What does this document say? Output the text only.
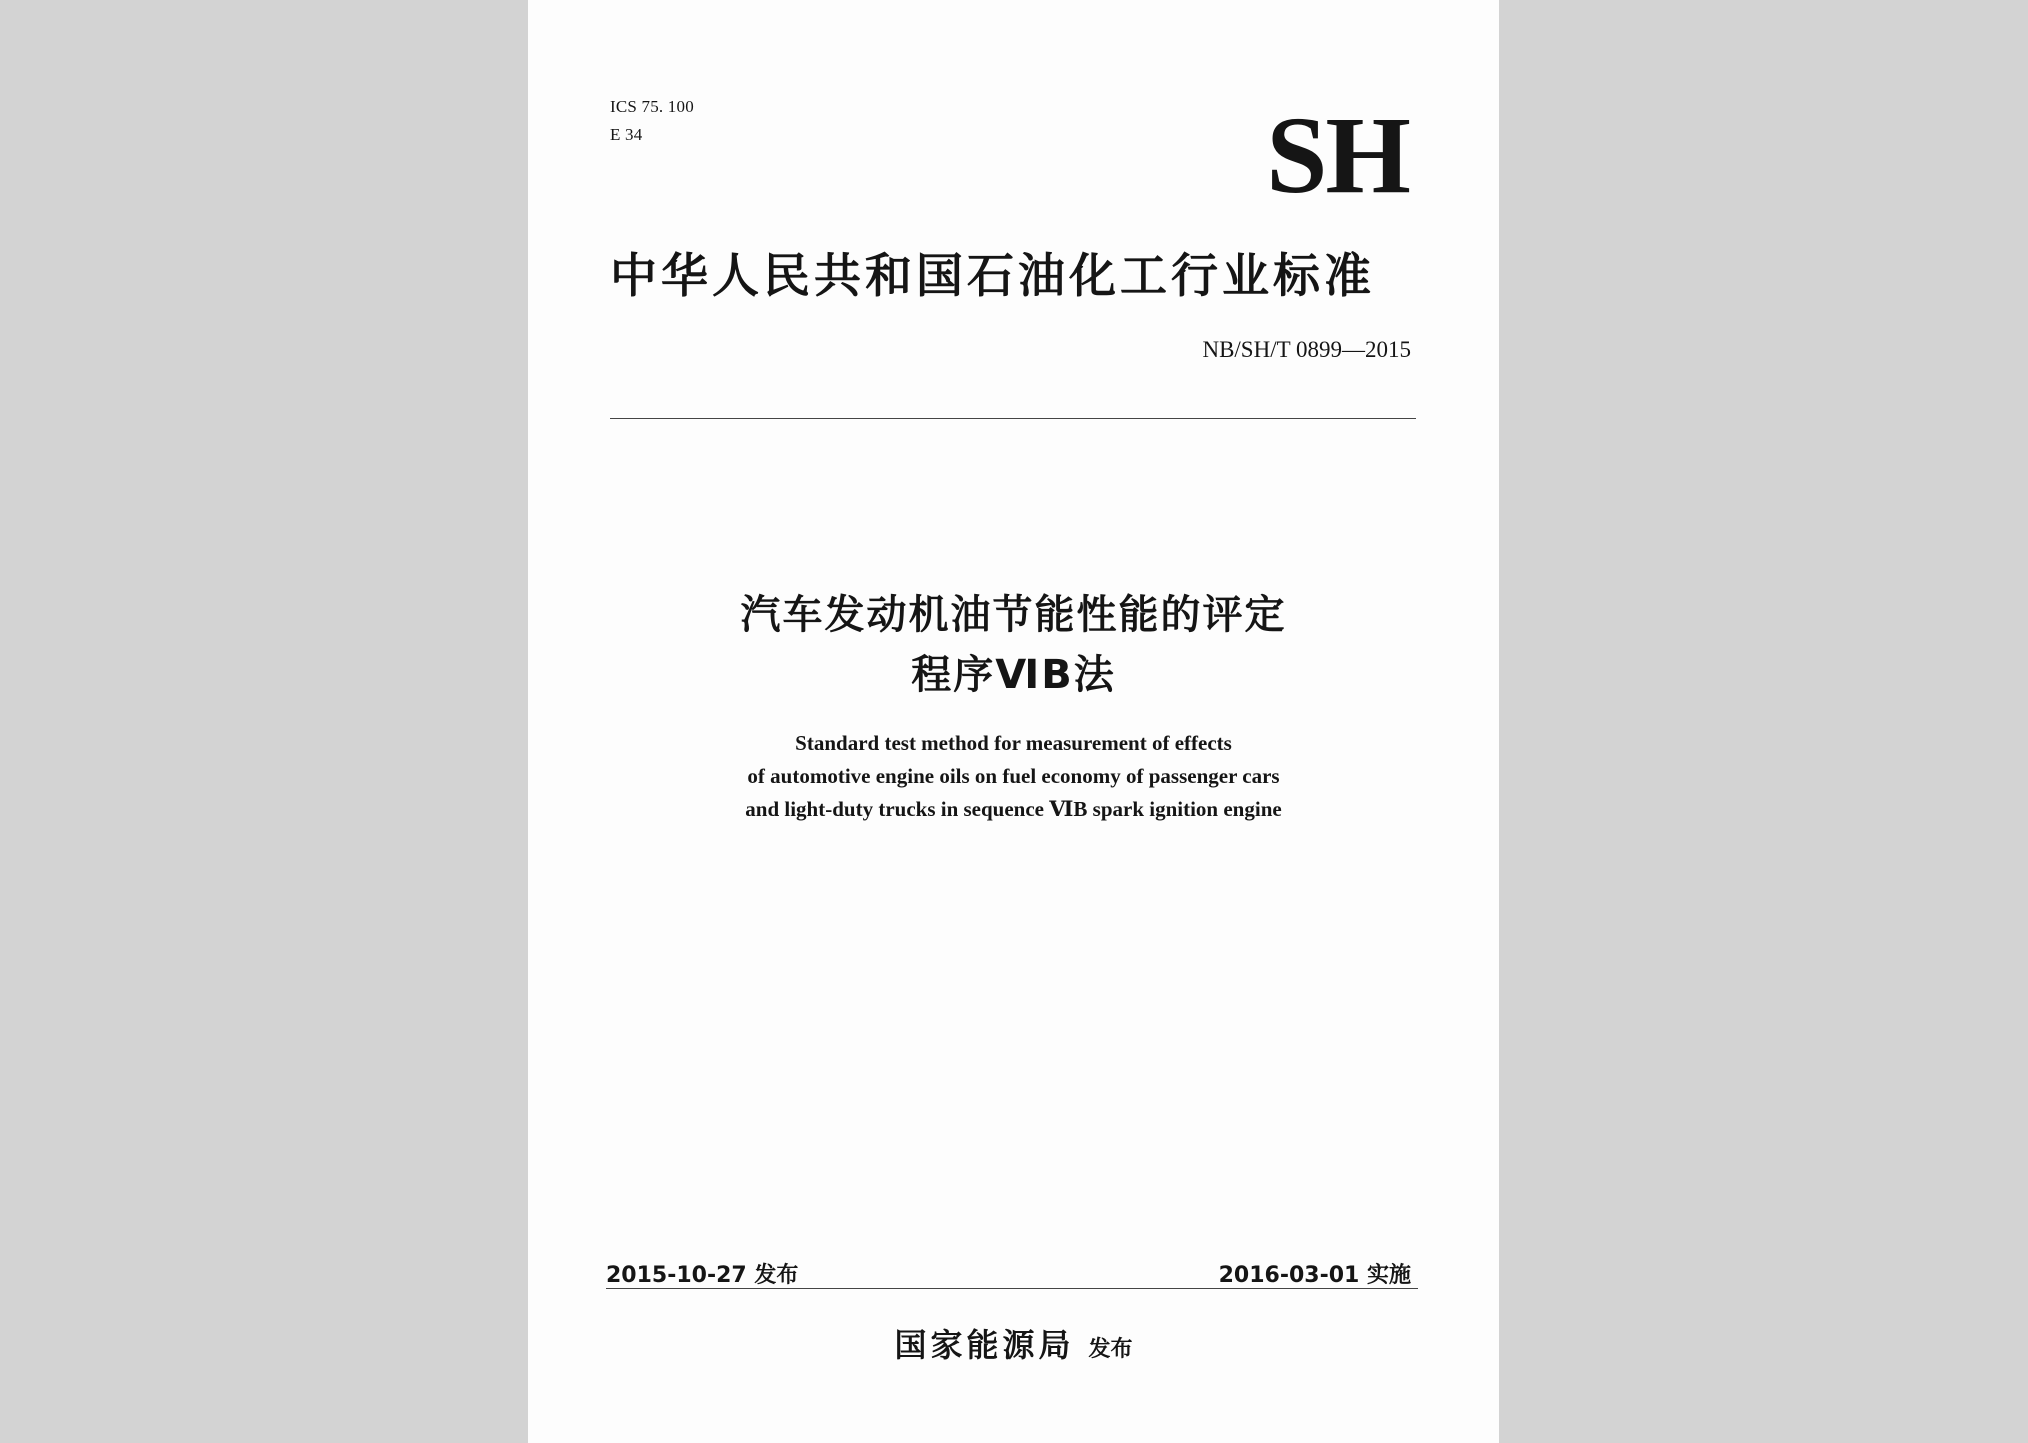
ICS 75. 100
E 34	SH
中华人民共和国石油化工行业标准
NB/SH/T 0899—2015
汽车发动机油节能性能的评定
程序ⅥB法
Standard test method for measurement of effects
of automotive engine oils on fuel economy of passenger cars
and light-duty trucks in sequence ⅥB spark ignition engine
2015-10-27 发布	2016-03-01 实施
国家能源局 发布
